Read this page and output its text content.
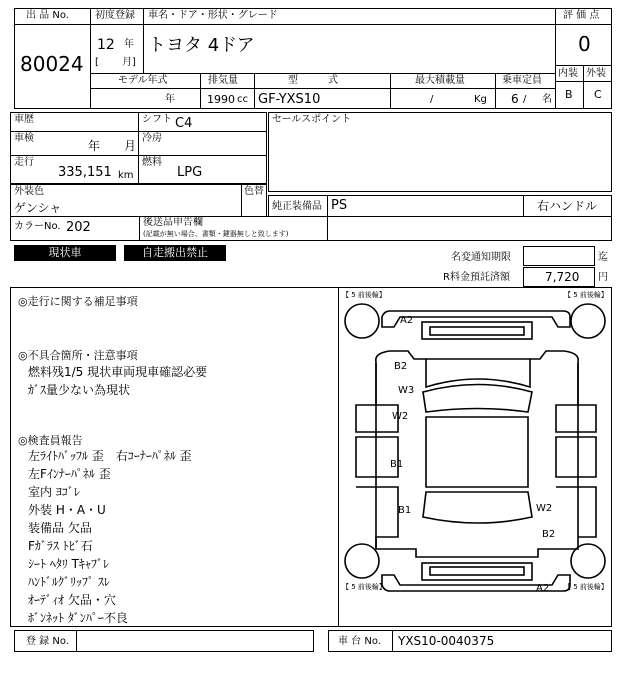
出 品 No.
80024
初度登録
12 年
[ 月]
車名・ドア・形状・グレード
トヨタ 4ドア
モデル年式
年
排気量
1990 cc
型　　　式
GF-YXS10
最大積載量
/	Kg
乗車定員
6 / 名
評 価 点
0
内装 外装
B C
車歴	シフト C4
車検
年 月
冷房
走行
335,151 km
燃料
LPG
セールスポイント
外装色
ゲンシャ
色替
純正装備品 PS	右ハンドル
カラーNo. 202	後送品申告欄
(記載が無い場合、書類・鍵器無しと致します)
現状車	自走搬出禁止	名変通知期限	迄
R料金預託済額	7,720 円
◎走行に関する補足事項
◎不具合箇所・注意事項
燃料残1/5 現状車両現車確認必要
ｶﾞｽ量少ない為現状
◎検査員報告
左ﾗｲﾄﾊﾞｯﾌﾙ 歪　右ｺｰﾅｰﾊﾟﾈﾙ 歪
左Fｲﾝﾅｰﾊﾟﾈﾙ 歪
室内 ﾖｺﾞﾚ
外装 H・A・U
装備品 欠品
Fｶﾞﾗｽ ﾄﾋﾞ石
ｼｰﾄ ﾍﾀﾘ Tｷｬﾌﾞﾚ
ﾊﾝﾄﾞﾙｸﾞﾘｯﾌﾟ ｽﾚ
ｵｰﾃﾞｨｵ 欠品・穴
ﾎﾞﾝﾈｯﾄ ﾀﾞﾝﾊﾟｰ不良
【 5 前後輪】	【 5 前後輪】
【 5 前後輪】	【 5 前後輪】
A2
B2
W3
W2
B1
B1	W2
B2
A2
登 録 No.	車 台 No. YXS10-0040375
